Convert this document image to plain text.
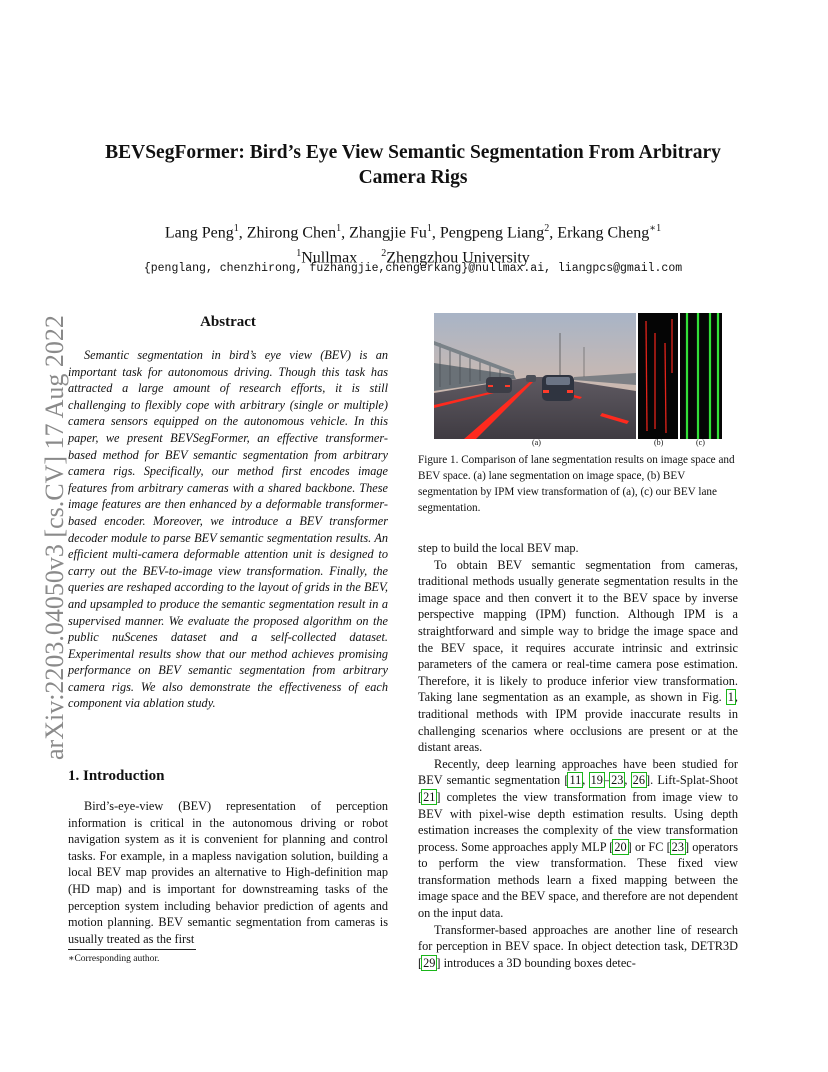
arXiv:2203.04050v3 [cs.CV] 17 Aug 2022
BEVSegFormer: Bird’s Eye View Semantic Segmentation From Arbitrary Camera Rigs
Lang Peng$^1$, Zhirong Chen$^1$, Zhangjie Fu$^1$, Pengpeng Liang$^2$, Erkang Cheng$^{∗1}$
$^1$Nullmax $^2$Zhengzhou University
{penglang, chenzhirong, fuzhangjie,chengerkang}@nullmax.ai, liangpcs@gmail.com
Abstract

Semantic segmentation in bird’s eye view (BEV) is an important task for autonomous driving. Though this task has attracted a large amount of research efforts, it is still challenging to flexibly cope with arbitrary (single or multiple) camera sensors equipped on the autonomous vehicle. In this paper, we present BEVSegFormer, an effective transformer-based method for BEV semantic segmentation from arbitrary camera rigs. Specifically, our method first encodes image features from arbitrary cameras with a shared backbone. These image features are then enhanced by a deformable transformer-based encoder. Moreover, we introduce a BEV transformer decoder module to parse BEV semantic segmentation results. An efficient multi-camera deformable attention unit is designed to carry out the BEV-to-image view transformation. Finally, the queries are reshaped according to the layout of grids in the BEV, and upsampled to produce the semantic segmentation result in a supervised manner. We evaluate the proposed algorithm on the public nuScenes dataset and a self-collected dataset. Experimental results show that our method achieves promising performance on BEV semantic segmentation from arbitrary camera rigs. We also demonstrate the effectiveness of each component via ablation study.

1. Introduction

Bird’s-eye-view (BEV) representation of perception information is critical in the autonomous driving or robot navigation system as it is convenient for planning and control tasks. For example, in a mapless navigation solution, building a local BEV map provides an alternative to High-definition map (HD map) and is important for downstreaming tasks of the perception system including behavior prediction of agents and motion planning. BEV semantic segmentation from cameras is usually treated as the first

∗Corresponding author.
(a)	(b)	(c)
Figure 1. Comparison of lane segmentation results on image space and BEV space. (a) lane segmentation on image space, (b) BEV segmentation by IPM view transformation of (a), (c) our BEV lane segmentation.

step to build the local BEV map.

To obtain BEV semantic segmentation from cameras, traditional methods usually generate segmentation results in the image space and then convert it to the BEV space by inverse perspective mapping (IPM) function. Although IPM is a straightforward and simple way to bridge the image space and the BEV space, it requires accurate intrinsic and extrinsic parameters of the camera or real-time camera pose estimation. Therefore, it is likely to produce inferior view transformation. Taking lane segmentation as an example, as shown in Fig. 1, traditional methods with IPM provide inaccurate results in challenging scenarios where occlusions are present or at the distant areas.

Recently, deep learning approaches have been studied for BEV semantic segmentation [11, 19–23, 26]. Lift-Splat-Shoot [21] completes the view transformation from image view to BEV with pixel-wise depth estimation results. Using depth estimation increases the complexity of the view transformation process. Some approaches apply MLP [20] or FC [23] operators to perform the view transformation. These fixed view transformation methods learn a fixed mapping between the image space and the BEV space, and therefore are not dependent on the input data.

Transformer-based approaches are another line of research for perception in BEV space. In object detection task, DETR3D [29] introduces a 3D bounding boxes detec-
